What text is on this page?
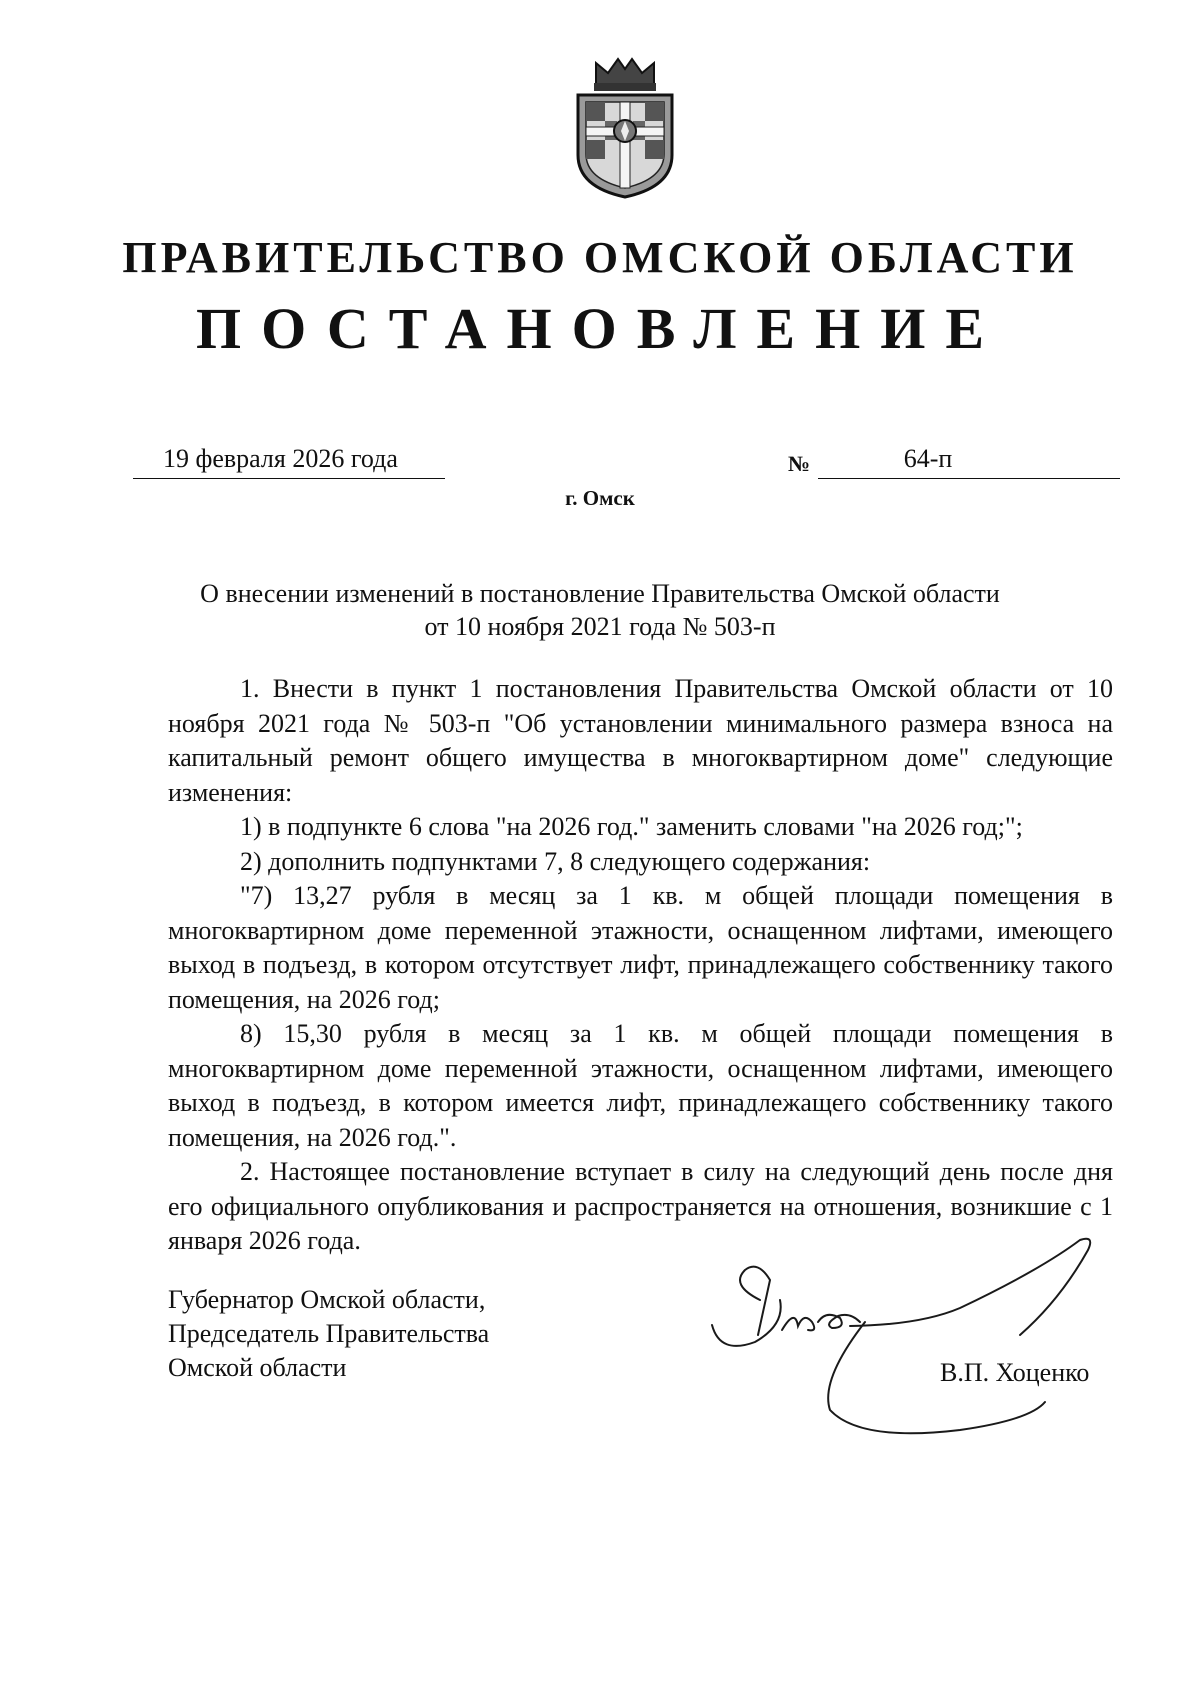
ПРАВИТЕЛЬСТВО ОМСКОЙ ОБЛАСТИ
ПОСТАНОВЛЕНИЕ
19 февраля 2026 года	№	64-п
г. Омск
О внесении изменений в постановление Правительства Омской области
от 10 ноября 2021 года № 503-п

1. Внести в пункт 1 постановления Правительства Омской области от 10 ноября 2021 года № 503-п "Об установлении минимального размера взноса на капитальный ремонт общего имущества в многоквартирном доме" следующие изменения:

1) в подпункте 6 слова "на 2026 год." заменить словами "на 2026 год;";

2) дополнить подпунктами 7, 8 следующего содержания:

"7) 13,27 рубля в месяц за 1 кв. м общей площади помещения в многоквартирном доме переменной этажности, оснащенном лифтами, имеющего выход в подъезд, в котором отсутствует лифт, принадлежащего собственнику такого помещения, на 2026 год;

8) 15,30 рубля в месяц за 1 кв. м общей площади помещения в многоквартирном доме переменной этажности, оснащенном лифтами, имеющего выход в подъезд, в котором имеется лифт, принадлежащего собственнику такого помещения, на 2026 год.".

2. Настоящее постановление вступает в силу на следующий день после дня его официального опубликования и распространяется на отношения, возникшие с 1 января 2026 года.

Губернатор Омской области,
Председатель Правительства
Омской области	В.П. Хоценко
